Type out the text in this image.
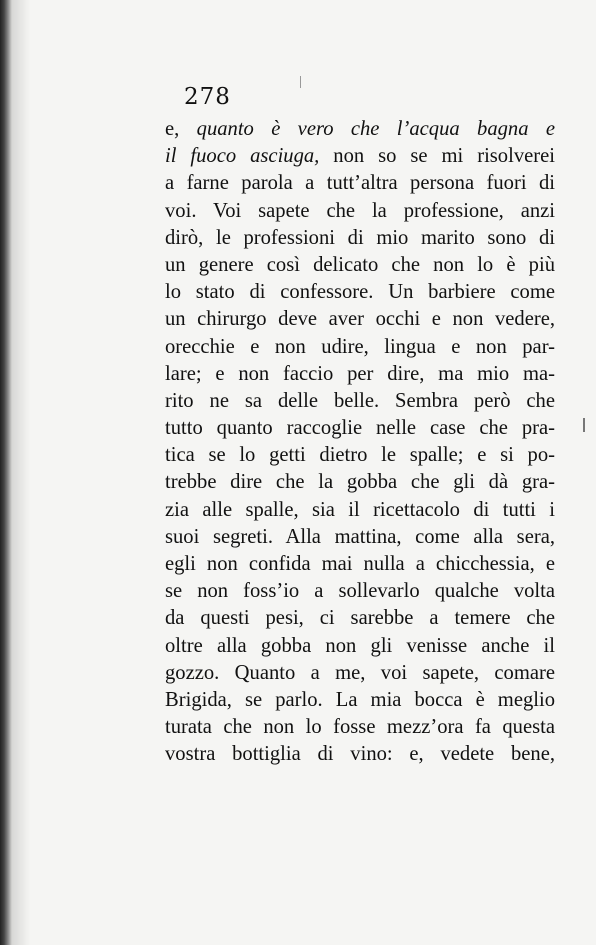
278
e, quanto è vero che l’acqua bagna e
il fuoco asciuga, non so se mi risolverei
a farne parola a tutt’altra persona fuori di
voi. Voi sapete che la professione, anzi
dirò, le professioni di mio marito sono di
un genere così delicato che non lo è più
lo stato di confessore. Un barbiere come
un chirurgo deve aver occhi e non vedere,
orecchie e non udire, lingua e non par-
lare; e non faccio per dire, ma mio ma-
rito ne sa delle belle. Sembra però che
tutto quanto raccoglie nelle case che pra-
tica se lo getti dietro le spalle; e si po-
trebbe dire che la gobba che gli dà gra-
zia alle spalle, sia il ricettacolo di tutti i
suoi segreti. Alla mattina, come alla sera,
egli non confida mai nulla a chicchessia, e
se non foss’io a sollevarlo qualche volta
da questi pesi, ci sarebbe a temere che
oltre alla gobba non gli venisse anche il
gozzo. Quanto a me, voi sapete, comare
Brigida, se parlo. La mia bocca è meglio
turata che non lo fosse mezz’ora fa questa
vostra bottiglia di vino: e, vedete bene,
